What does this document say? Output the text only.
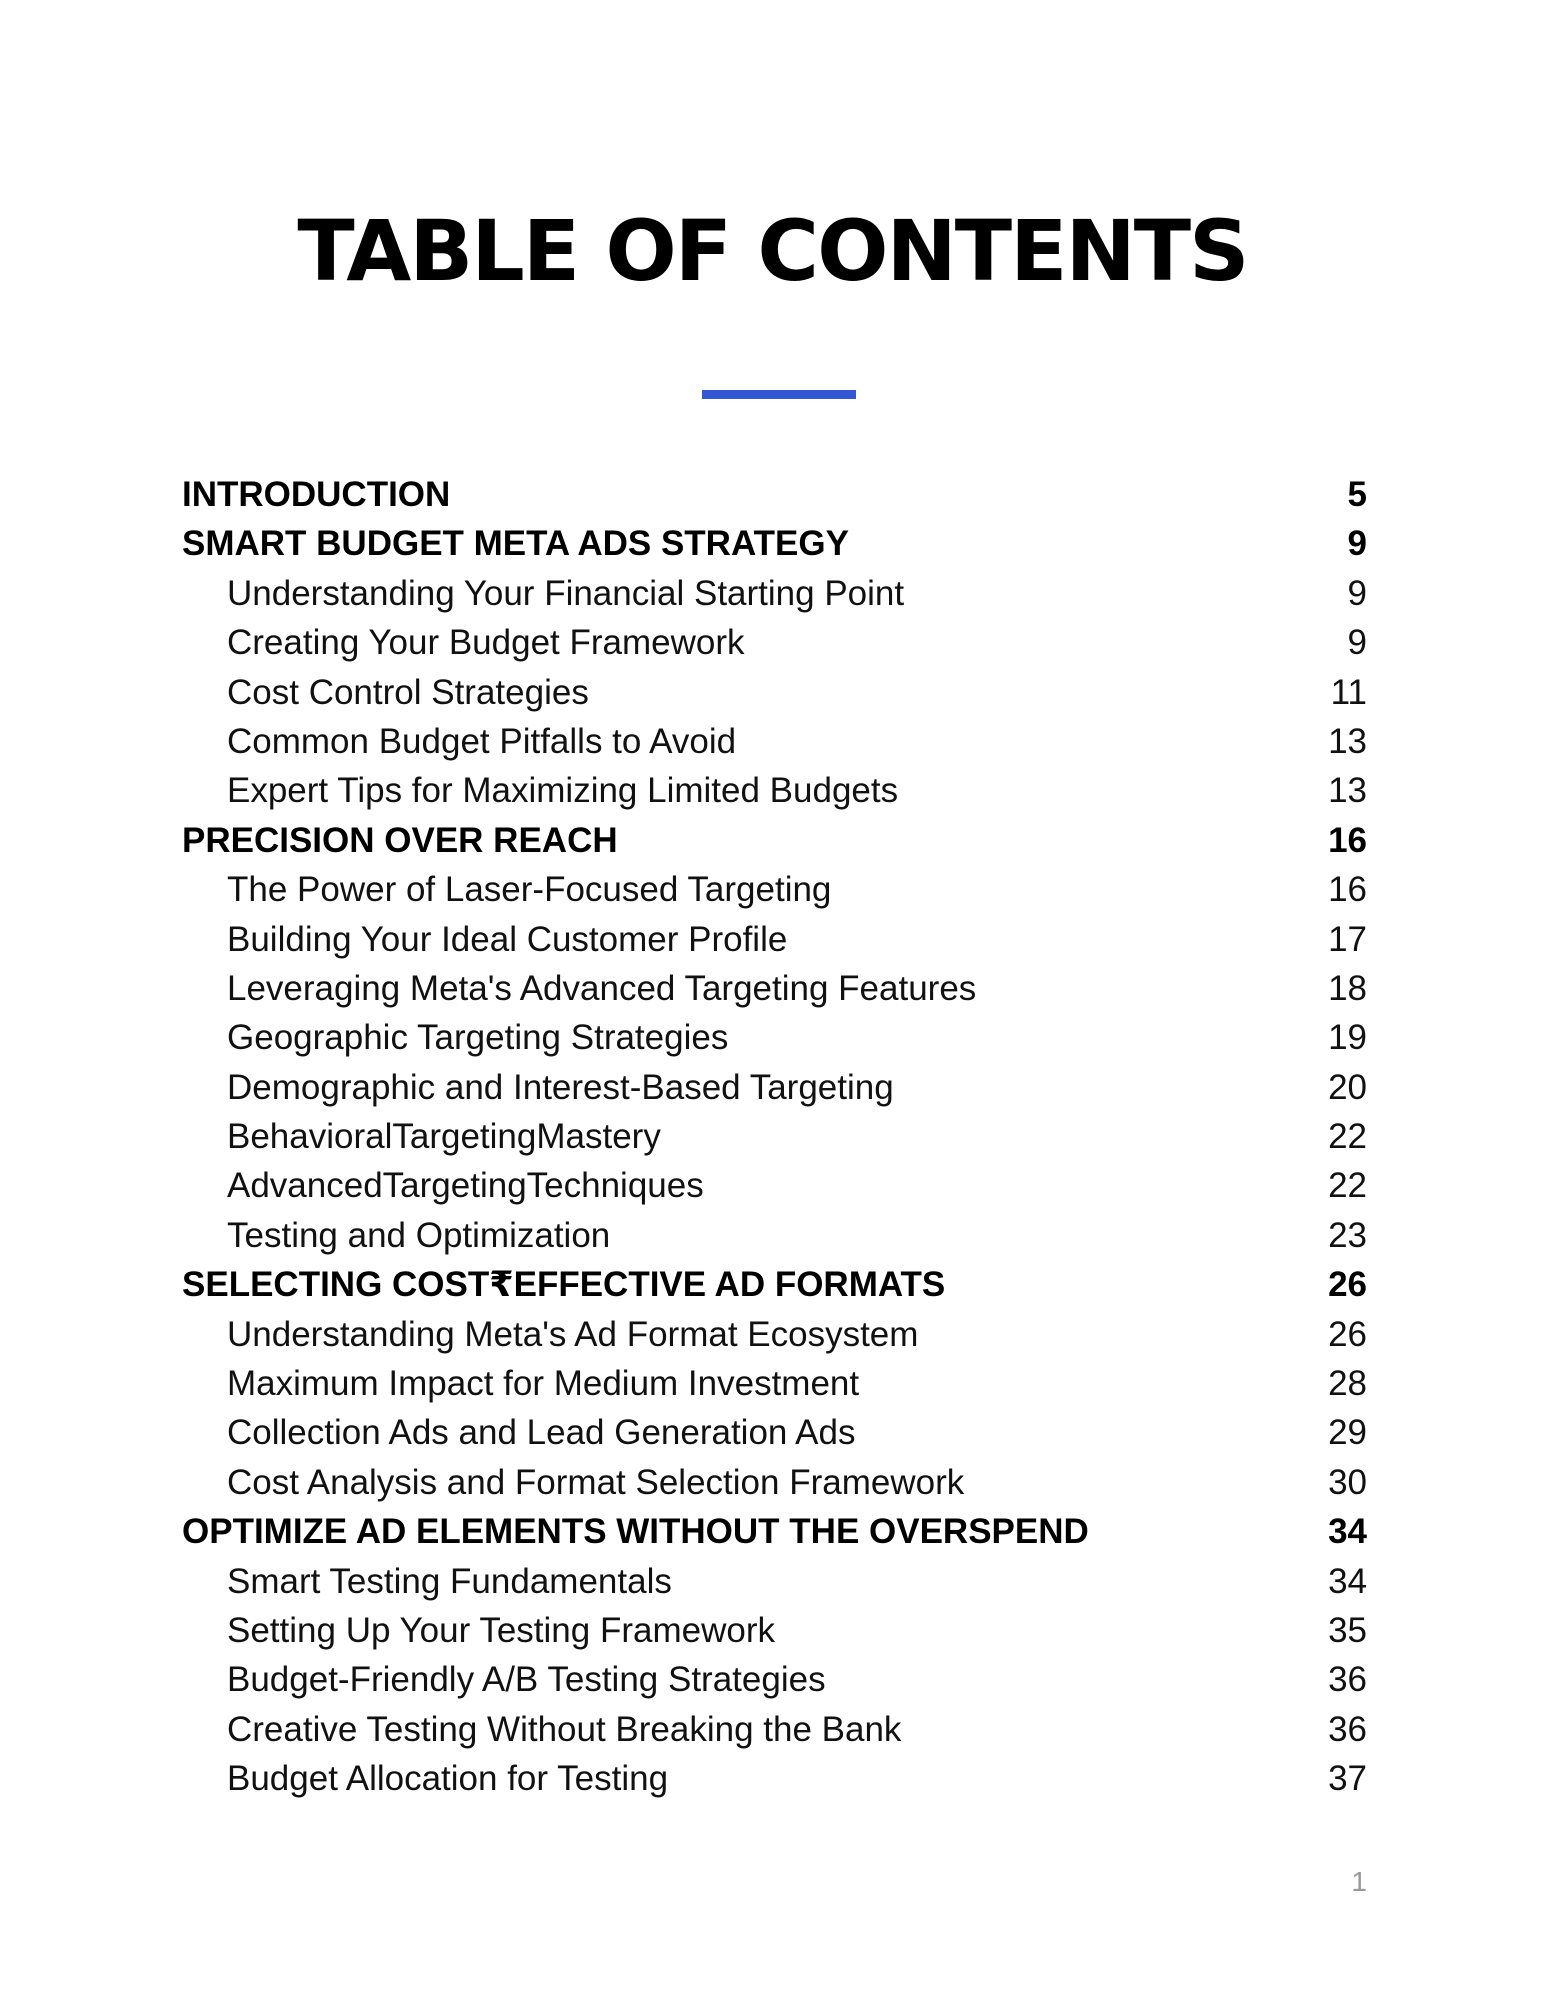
TABLE OF CONTENTS
INTRODUCTION	5
SMART BUDGET META ADS STRATEGY	9
Understanding Your Financial Starting Point	9
Creating Your Budget Framework	9
Cost Control Strategies	11
Common Budget Pitfalls to Avoid	13
Expert Tips for Maximizing Limited Budgets	13
PRECISION OVER REACH	16
The Power of Laser-Focused Targeting	16
Building Your Ideal Customer Profile	17
Leveraging Meta's Advanced Targeting Features	18
Geographic Targeting Strategies	19
Demographic and Interest-Based Targeting	20
BehavioralTargetingMastery	22
AdvancedTargetingTechniques	22
Testing and Optimization	23
SELECTING COST₹EFFECTIVE AD FORMATS	26
Understanding Meta's Ad Format Ecosystem	26
Maximum Impact for Medium Investment	28
Collection Ads and Lead Generation Ads	29
Cost Analysis and Format Selection Framework	30
OPTIMIZE AD ELEMENTS WITHOUT THE OVERSPEND	34
Smart Testing Fundamentals	34
Setting Up Your Testing Framework	35
Budget-Friendly A/B Testing Strategies	36
Creative Testing Without Breaking the Bank	36
Budget Allocation for Testing	37
1
